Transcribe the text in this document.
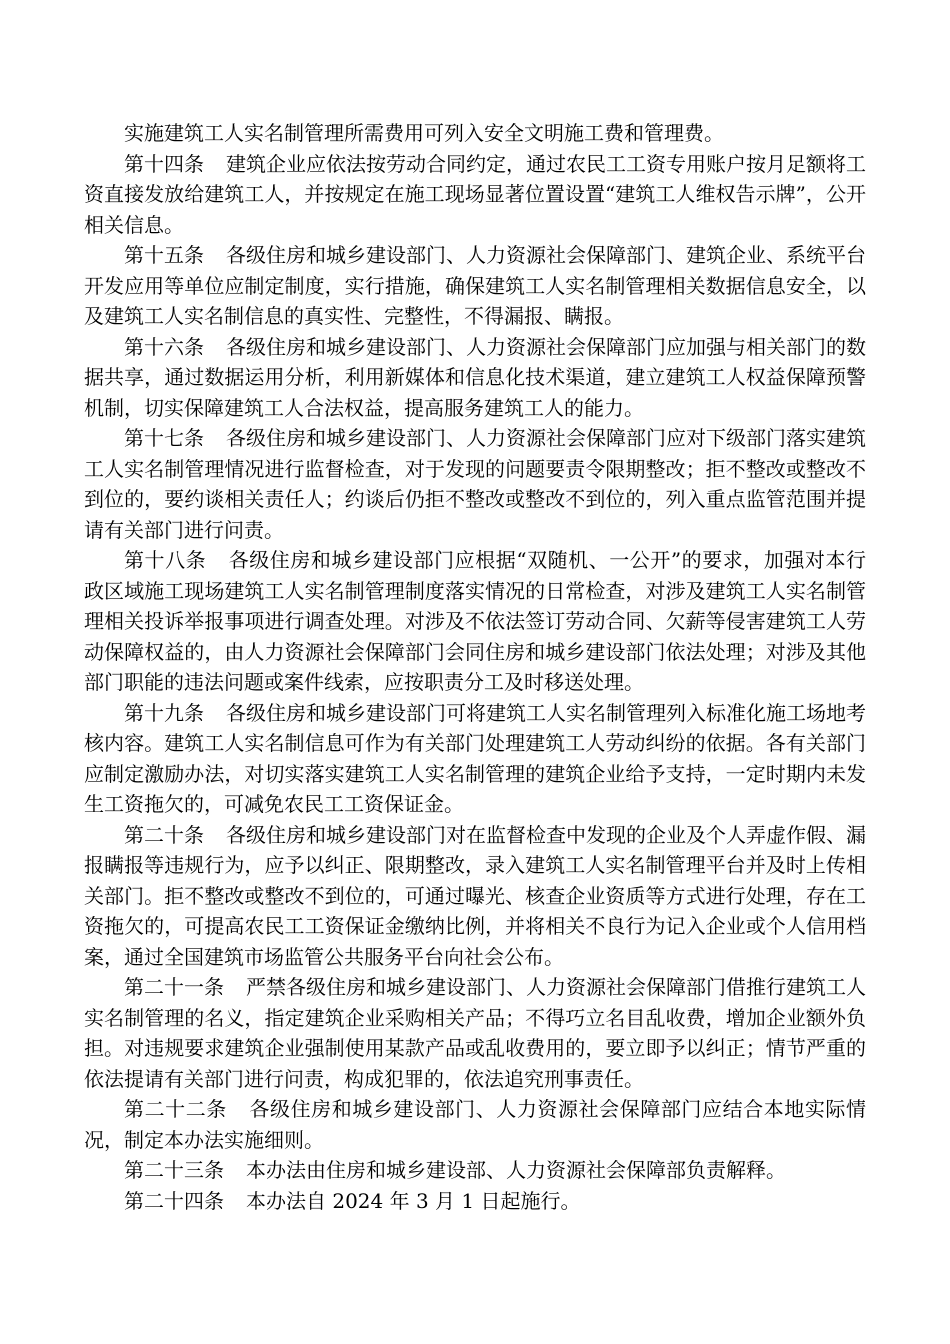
实施建筑工人实名制管理所需费用可列入安全文明施工费和管理费。

第十四条 建筑企业应依法按劳动合同约定，通过农民工工资专用账户按月足额将工资直接发放给建筑工人，并按规定在施工现场显著位置设置“建筑工人维权告示牌”，公开相关信息。

第十五条 各级住房和城乡建设部门、人力资源社会保障部门、建筑企业、系统平台开发应用等单位应制定制度，实行措施，确保建筑工人实名制管理相关数据信息安全，以及建筑工人实名制信息的真实性、完整性，不得漏报、瞒报。

第十六条 各级住房和城乡建设部门、人力资源社会保障部门应加强与相关部门的数据共享，通过数据运用分析，利用新媒体和信息化技术渠道，建立建筑工人权益保障预警机制，切实保障建筑工人合法权益，提高服务建筑工人的能力。

第十七条 各级住房和城乡建设部门、人力资源社会保障部门应对下级部门落实建筑工人实名制管理情况进行监督检查，对于发现的问题要责令限期整改；拒不整改或整改不到位的，要约谈相关责任人；约谈后仍拒不整改或整改不到位的，列入重点监管范围并提请有关部门进行问责。

第十八条 各级住房和城乡建设部门应根据“双随机、一公开”的要求，加强对本行政区域施工现场建筑工人实名制管理制度落实情况的日常检查，对涉及建筑工人实名制管理相关投诉举报事项进行调查处理。对涉及不依法签订劳动合同、欠薪等侵害建筑工人劳动保障权益的，由人力资源社会保障部门会同住房和城乡建设部门依法处理；对涉及其他部门职能的违法问题或案件线索，应按职责分工及时移送处理。

第十九条 各级住房和城乡建设部门可将建筑工人实名制管理列入标准化施工场地考核内容。建筑工人实名制信息可作为有关部门处理建筑工人劳动纠纷的依据。各有关部门应制定激励办法，对切实落实建筑工人实名制管理的建筑企业给予支持，一定时期内未发生工资拖欠的，可减免农民工工资保证金。

第二十条 各级住房和城乡建设部门对在监督检查中发现的企业及个人弄虚作假、漏报瞒报等违规行为，应予以纠正、限期整改，录入建筑工人实名制管理平台并及时上传相关部门。拒不整改或整改不到位的，可通过曝光、核查企业资质等方式进行处理，存在工资拖欠的，可提高农民工工资保证金缴纳比例，并将相关不良行为记入企业或个人信用档案，通过全国建筑市场监管公共服务平台向社会公布。

第二十一条 严禁各级住房和城乡建设部门、人力资源社会保障部门借推行建筑工人实名制管理的名义，指定建筑企业采购相关产品；不得巧立名目乱收费，增加企业额外负担。对违规要求建筑企业强制使用某款产品或乱收费用的，要立即予以纠正；情节严重的依法提请有关部门进行问责，构成犯罪的，依法追究刑事责任。

第二十二条 各级住房和城乡建设部门、人力资源社会保障部门应结合本地实际情况，制定本办法实施细则。

第二十三条 本办法由住房和城乡建设部、人力资源社会保障部负责解释。

第二十四条 本办法自 2024 年 3 月 1 日起施行。
